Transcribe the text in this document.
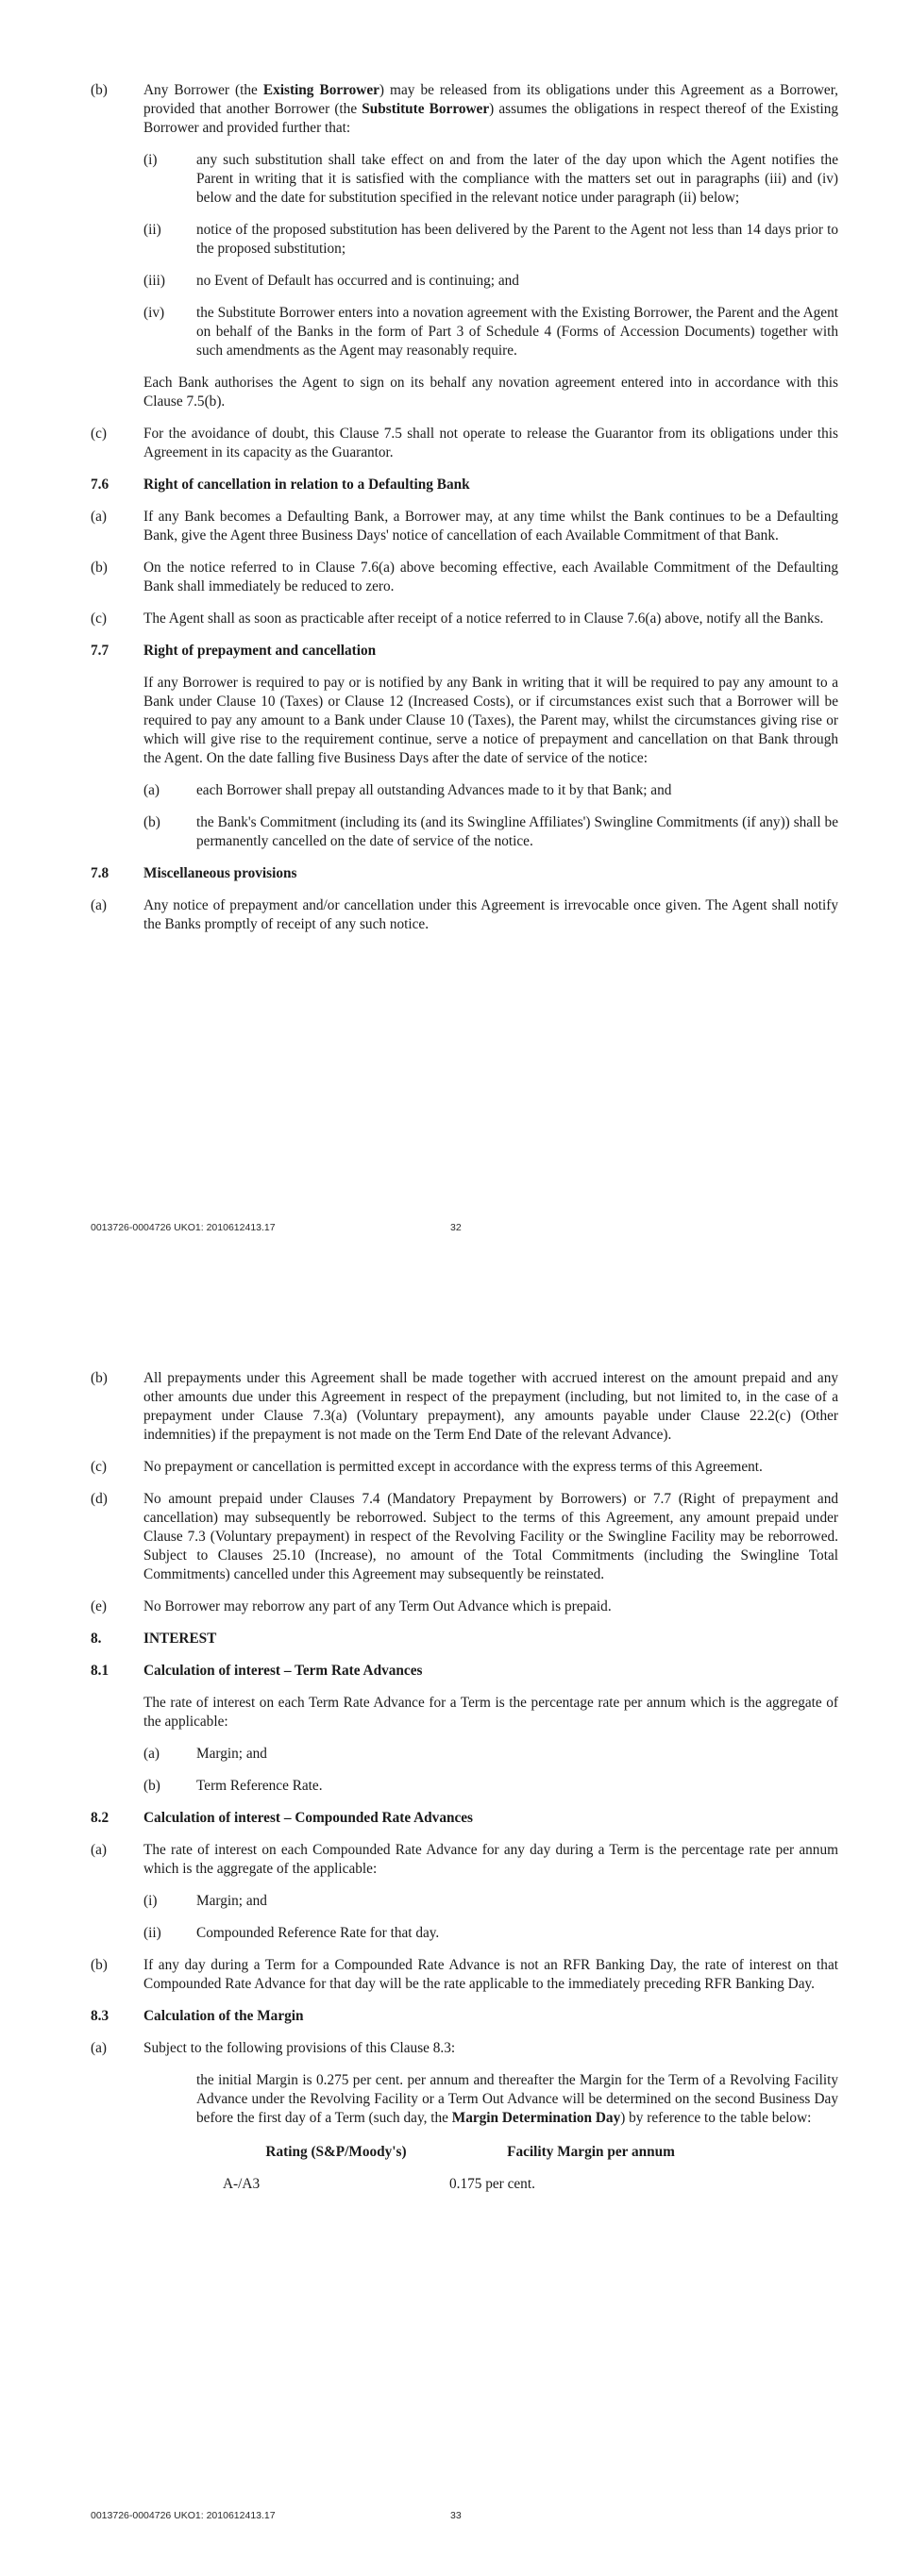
(b) Any Borrower (the Existing Borrower) may be released from its obligations under this Agreement as a Borrower, provided that another Borrower (the Substitute Borrower) assumes the obligations in respect thereof of the Existing Borrower and provided further that:
(i)	any such substitution shall take effect on and from the later of the day upon which the Agent notifies the Parent in writing that it is satisfied with the compliance with the matters set out in paragraphs (iii) and (iv) below and the date for substitution specified in the relevant notice under paragraph (ii) below;
(ii) notice of the proposed substitution has been delivered by the Parent to the Agent not less than 14 days prior to the proposed substitution;
(iii) no Event of Default has occurred and is continuing; and
(iv) the Substitute Borrower enters into a novation agreement with the Existing Borrower, the Parent and the Agent on behalf of the Banks in the form of Part 3 of Schedule 4 (Forms of Accession Documents) together with such amendments as the Agent may reasonably require.
Each Bank authorises the Agent to sign on its behalf any novation agreement entered into in accordance with this Clause 7.5(b).
(c)	For the avoidance of doubt, this Clause 7.5 shall not operate to release the Guarantor from its obligations under this Agreement in its capacity as the Guarantor.
7.6 Right of cancellation in relation to a Defaulting Bank
(a)	If any Bank becomes a Defaulting Bank, a Borrower may, at any time whilst the Bank continues to be a Defaulting Bank, give the Agent three Business Days' notice of cancellation of each Available Commitment of that Bank.
(b) On the notice referred to in Clause 7.6(a) above becoming effective, each Available Commitment of the Defaulting Bank shall immediately be reduced to zero.
(c)	The Agent shall as soon as practicable after receipt of a notice referred to in Clause 7.6(a) above, notify all the Banks.
7.7 Right of prepayment and cancellation
If any Borrower is required to pay or is notified by any Bank in writing that it will be required to pay any amount to a Bank under Clause 10 (Taxes) or Clause 12 (Increased Costs), or if circumstances exist such that a Borrower will be required to pay any amount to a Bank under Clause 10 (Taxes), the Parent may, whilst the circumstances giving rise or which will give rise to the requirement continue, serve a notice of prepayment and cancellation on that Bank through the Agent. On the date falling five Business Days after the date of service of the notice:
(a)	each Borrower shall prepay all outstanding Advances made to it by that Bank; and
(b) the Bank's Commitment (including its (and its Swingline Affiliates') Swingline Commitments (if any)) shall be permanently cancelled on the date of service of the notice.
7.8 Miscellaneous provisions
(a)	Any notice of prepayment and/or cancellation under this Agreement is irrevocable once given. The Agent shall notify the Banks promptly of receipt of any such notice.
0013726-0004726 UKO1: 2010612413.17	32
(b) All prepayments under this Agreement shall be made together with accrued interest on the amount prepaid and any other amounts due under this Agreement in respect of the prepayment (including, but not limited to, in the case of a prepayment under Clause 7.3(a) (Voluntary prepayment), any amounts payable under Clause 22.2(c) (Other indemnities) if the prepayment is not made on the Term End Date of the relevant Advance).
(c)	No prepayment or cancellation is permitted except in accordance with the express terms of this Agreement.
(d) No amount prepaid under Clauses 7.4 (Mandatory Prepayment by Borrowers) or 7.7 (Right of prepayment and cancellation) may subsequently be reborrowed. Subject to the terms of this Agreement, any amount prepaid under Clause 7.3 (Voluntary prepayment) in respect of the Revolving Facility or the Swingline Facility may be reborrowed. Subject to Clauses 25.10 (Increase), no amount of the Total Commitments (including the Swingline Total Commitments) cancelled under this Agreement may subsequently be reinstated.
(e)	No Borrower may reborrow any part of any Term Out Advance which is prepaid.
8.	INTEREST
8.1 Calculation of interest – Term Rate Advances
The rate of interest on each Term Rate Advance for a Term is the percentage rate per annum which is the aggregate of the applicable:
(a)	Margin; and
(b) Term Reference Rate.
8.2 Calculation of interest – Compounded Rate Advances
(a)	The rate of interest on each Compounded Rate Advance for any day during a Term is the percentage rate per annum which is the aggregate of the applicable:
(i)	Margin; and
(ii) Compounded Reference Rate for that day.
(b) If any day during a Term for a Compounded Rate Advance is not an RFR Banking Day, the rate of interest on that Compounded Rate Advance for that day will be the rate applicable to the immediately preceding RFR Banking Day.
8.3 Calculation of the Margin
(a)	Subject to the following provisions of this Clause 8.3:
the initial Margin is 0.275 per cent. per annum and thereafter the Margin for the Term of a Revolving Facility Advance under the Revolving Facility or a Term Out Advance will be determined on the second Business Day before the first day of a Term (such day, the Margin Determination Day) by reference to the table below:
Rating (S&P/Moody's)	Facility Margin per annum
A-/A3	0.175 per cent.
0013726-0004726 UKO1: 2010612413.17	33
